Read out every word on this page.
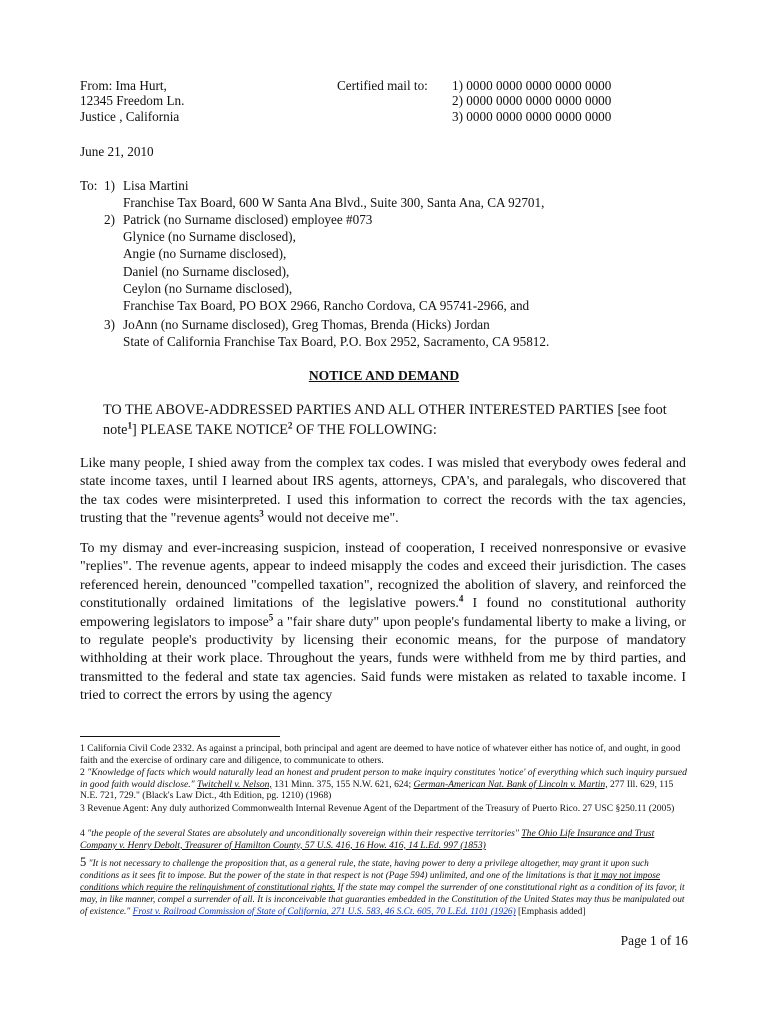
From: Ima Hurt,
12345 Freedom Ln.
Justice , California
Certified mail to: 1) 0000 0000 0000 0000 0000
2) 0000 0000 0000 0000 0000
3) 0000 0000 0000 0000 0000
June 21, 2010
To: 1) Lisa Martini
Franchise Tax Board, 600 W Santa Ana Blvd., Suite 300, Santa Ana, CA 92701,
2) Patrick (no Surname disclosed) employee #073
Glynice (no Surname disclosed),
Angie (no Surname disclosed),
Daniel (no Surname disclosed),
Ceylon (no Surname disclosed),
Franchise Tax Board, PO BOX 2966, Rancho Cordova, CA 95741-2966, and
3) JoAnn (no Surname disclosed), Greg Thomas, Brenda (Hicks) Jordan
State of California Franchise Tax Board, P.O. Box 2952, Sacramento, CA 95812.
NOTICE AND DEMAND
TO THE ABOVE-ADDRESSED PARTIES AND ALL OTHER INTERESTED PARTIES [see foot note$^1$] PLEASE TAKE NOTICE$^2$ OF THE FOLLOWING:
Like many people, I shied away from the complex tax codes. I was misled that everybody owes federal and state income taxes, until I learned about IRS agents, attorneys, CPA's, and paralegals, who discovered that the tax codes were misinterpreted. I used this information to correct the records with the tax agencies, trusting that the "revenue agents$^3$ would not deceive me".
To my dismay and ever-increasing suspicion, instead of cooperation, I received nonresponsive or evasive "replies". The revenue agents, appear to indeed misapply the codes and exceed their jurisdiction. The cases referenced herein, denounced "compelled taxation", recognized the abolition of slavery, and reinforced the constitutionally ordained limitations of the legislative powers.$^4$ I found no constitutional authority empowering legislators to impose$^5$ a "fair share duty" upon people's fundamental liberty to make a living, or to regulate people's productivity by licensing their economic means, for the purpose of mandatory withholding at their work place. Throughout the years, funds were withheld from me by third parties, and transmitted to the federal and state tax agencies. Said funds were mistaken as related to taxable income. I tried to correct the errors by using the agency
1 California Civil Code 2332. As against a principal, both principal and agent are deemed to have notice of whatever either has notice of, and ought, in good faith and the exercise of ordinary care and diligence, to communicate to others.
2 "Knowledge of facts which would naturally lead an honest and prudent person to make inquiry constitutes 'notice' of everything which such inquiry pursued in good faith would disclose." Twitchell v. Nelson, 131 Minn. 375, 155 N.W. 621, 624; German-American Nat. Bank of Lincoln v. Martin, 277 Ill. 629, 115 N.E. 721, 729." (Black's Law Dict., 4th Edition, pg. 1210) (1968)
3 Revenue Agent: Any duly authorized Commonwealth Internal Revenue Agent of the Department of the Treasury of Puerto Rico. 27 USC §250.11 (2005)
4 "the people of the several States are absolutely and unconditionally sovereign within their respective territories" The Ohio Life Insurance and Trust Company v. Henry Debolt, Treasurer of Hamilton County, 57 U.S. 416, 16 How. 416, 14 L.Ed. 997 (1853)
5 "It is not necessary to challenge the proposition that, as a general rule, the state, having power to deny a privilege altogether, may grant it upon such conditions as it sees fit to impose. But the power of the state in that respect is not (Page 594) unlimited, and one of the limitations is that it may not impose conditions which require the relinquishment of constitutional rights. If the state may compel the surrender of one constitutional right as a condition of its favor, it may, in like manner, compel a surrender of all. It is inconceivable that guaranties embedded in the Constitution of the United States may thus be manipulated out of existence." Frost v. Railroad Commission of State of California, 271 U.S. 583, 46 S.Ct. 605, 70 L.Ed. 1101 (1926) [Emphasis added]
Page 1 of 16
